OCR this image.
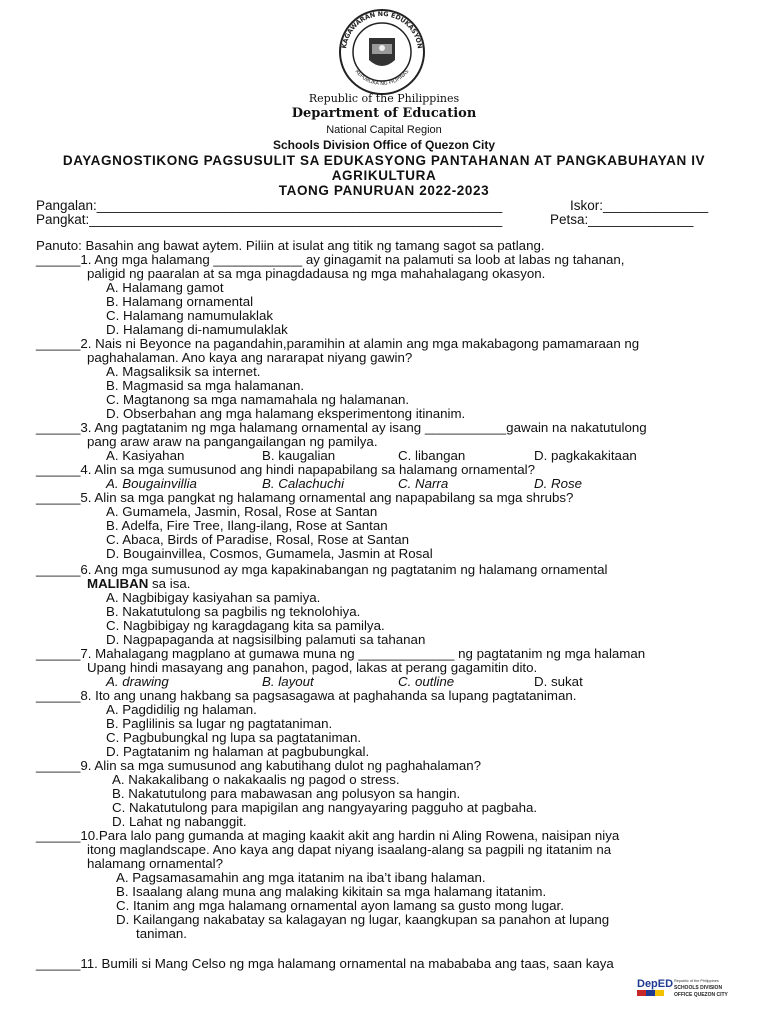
KAGAWARAN NG EDUKASYON
REPUBLIKA NG PILIPINAS
Republic of the Philippines
Department of Education
National Capital Region
Schools Division Office of Quezon City
DAYAGNOSTIKONG PAGSUSULIT SA EDUKASYONG PANTAHANAN AT PANGKABUHAYAN IV
AGRIKULTURA
TAONG PANURUAN 2022-2023
Pangalan:______________________________________________________	Iskor:______________
Pangkat:_______________________________________________________	Petsa:______________
Panuto: Basahin ang bawat aytem. Piliin at isulat ang titik ng tamang sagot sa patlang.
______1. Ang mga halamang ____________ ay ginagamit na palamuti sa loob at labas ng tahanan,
paligid ng paaralan at sa mga pinagdadausa ng mga mahahalagang okasyon.
A. Halamang gamot
B. Halamang ornamental
C. Halamang namumulaklak
D. Halamang di-namumulaklak
______2. Nais ni Beyonce na pagandahin,paramihin at alamin ang mga makabagong pamamaraan ng
paghahalaman. Ano kaya ang nararapat niyang gawin?
A. Magsaliksik sa internet.
B. Magmasid sa mga halamanan.
C. Magtanong sa mga namamahala ng halamanan.
D. Obserbahan ang mga halamang eksperimentong itinanim.
______3. Ang pagtatanim ng mga halamang ornamental ay isang ___________gawain na nakatutulong
pang araw araw na pangangailangan ng pamilya.
A. Kasiyahan	B. kaugalian	C. libangan	D. pagkakakitaan
______4. Alin sa mga sumusunod ang hindi napapabilang sa halamang ornamental?
A. Bougainvillia	B. Calachuchi	C. Narra	D. Rose
______5. Alin sa mga pangkat ng halamang ornamental ang napapabilang sa mga shrubs?
A. Gumamela, Jasmin, Rosal, Rose at Santan
B. Adelfa, Fire Tree, Ilang-ilang, Rose at Santan
C. Abaca, Birds of Paradise, Rosal, Rose at Santan
D. Bougainvillea, Cosmos, Gumamela, Jasmin at Rosal
______6. Ang mga sumusunod ay mga kapakinabangan ng pagtatanim ng halamang ornamental
MALIBAN sa isa.
A. Nagbibigay kasiyahan sa pamiya.
B. Nakatutulong sa pagbilis ng teknolohiya.
C. Nagbibigay ng karagdagang kita sa pamilya.
D. Nagpapaganda at nagsisilbing palamuti sa tahanan
______7. Mahalagang magplano at gumawa muna ng _____________ ng pagtatanim ng mga halaman
Upang hindi masayang ang panahon, pagod, lakas at perang gagamitin dito.
A. drawing	B. layout	C. outline	D. sukat
______8. Ito ang unang hakbang sa pagsasagawa at paghahanda sa lupang pagtataniman.
A. Pagdidilig ng halaman.
B. Paglilinis sa lugar ng pagtataniman.
C. Pagbubungkal ng lupa sa pagtataniman.
D. Pagtatanim ng halaman at pagbubungkal.
______9. Alin sa mga sumusunod ang kabutihang dulot ng paghahalaman?
A. Nakakalibang o nakakaalis ng pagod o stress.
B. Nakatutulong para mabawasan ang polusyon sa hangin.
C. Nakatutulong para mapigilan ang nangyayaring pagguho at pagbaha.
D. Lahat ng nabanggit.
______10.Para lalo pang gumanda at maging kaakit akit ang hardin ni Aling Rowena, naisipan niya
itong maglandscape. Ano kaya ang dapat niyang isaalang-alang sa pagpili ng itatanim na
halamang ornamental?
A. Pagsamasamahin ang mga itatanim na iba’t ibang halaman.
B. Isaalang alang muna ang malaking kikitain sa mga halamang itatanim.
C. Itanim ang mga halamang ornamental ayon lamang sa gusto mong lugar.
D. Kailangang nakabatay sa kalagayan ng lugar, kaangkupan sa panahon at lupang
taniman.
______11. Bumili si Mang Celso ng mga halamang ornamental na mabababa ang taas, saan kaya
DepED Republic of the Philippines
SCHOOLS DIVISION
OFFICE QUEZON CITY
